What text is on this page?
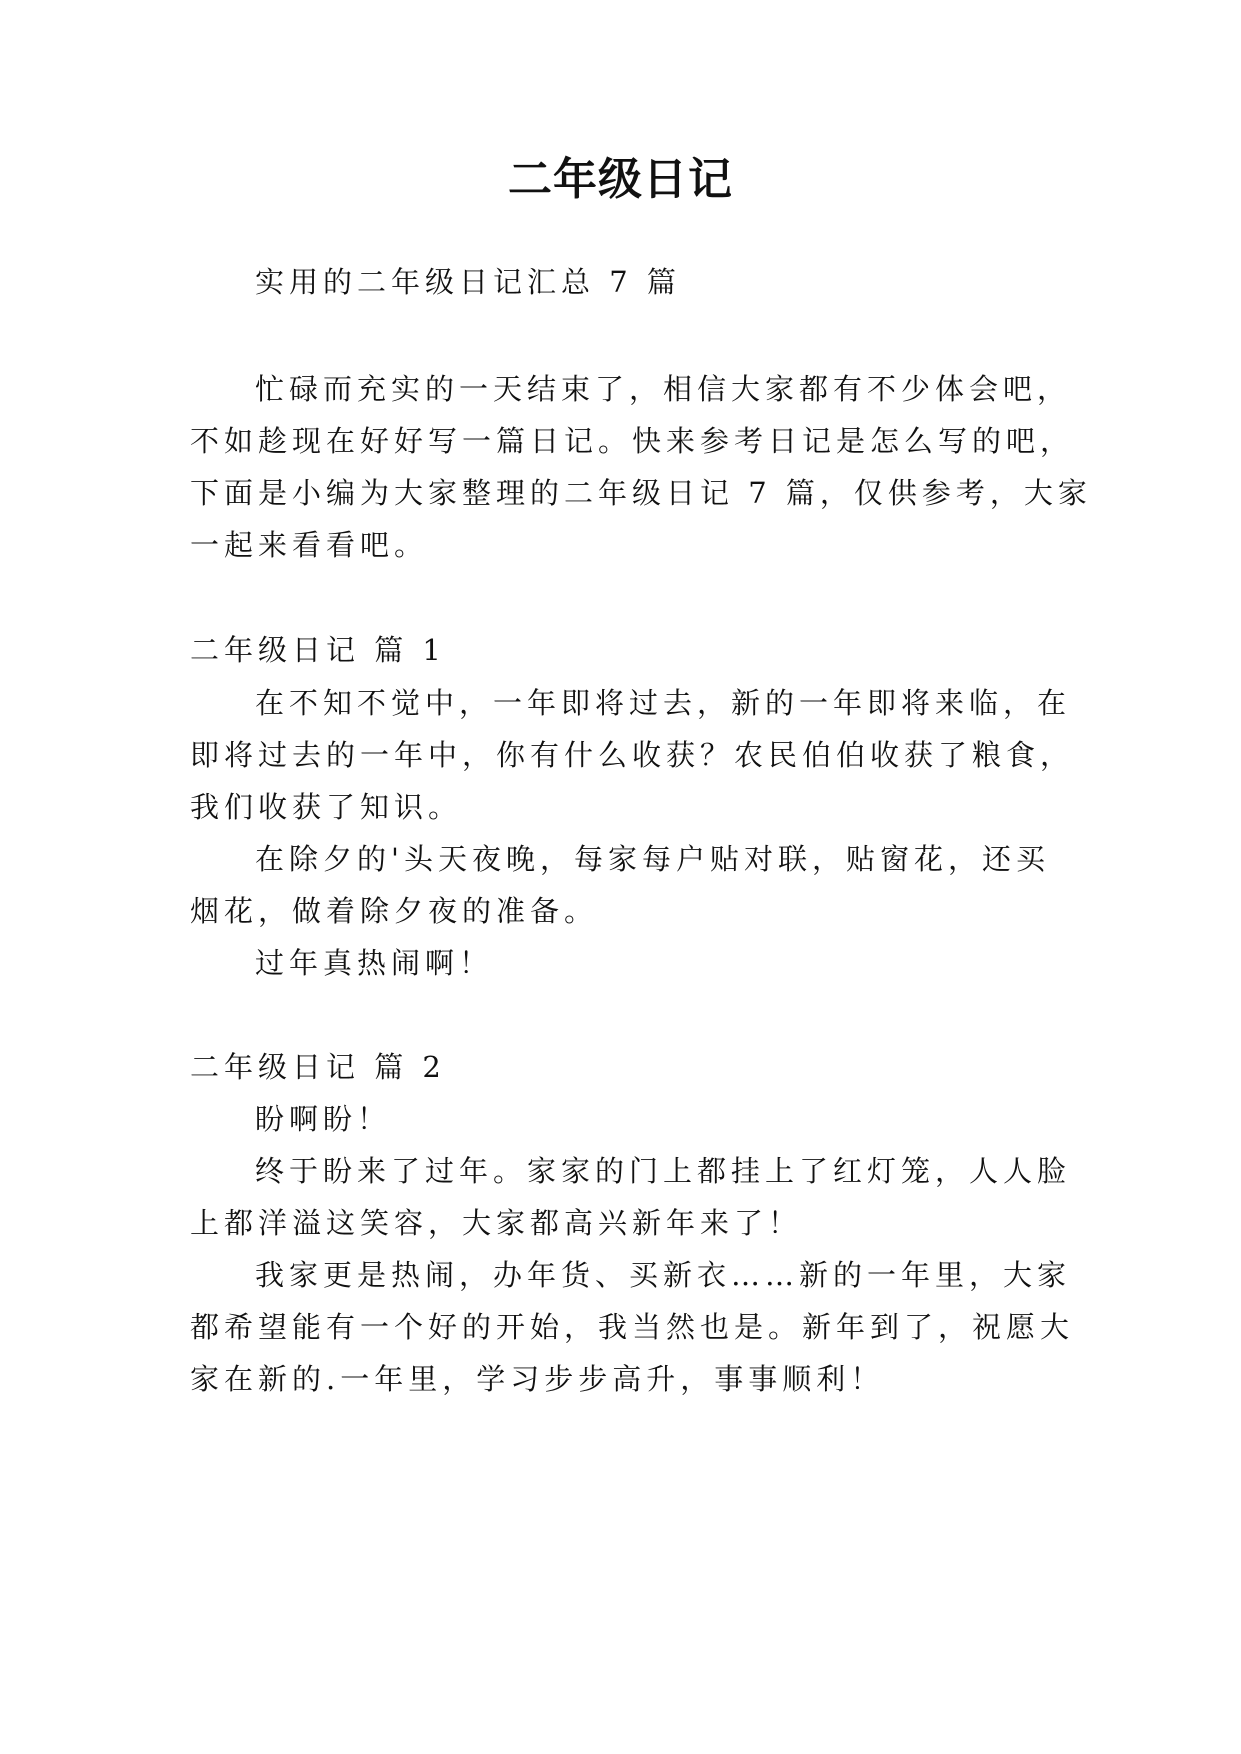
二年级日记
实用的二年级日记汇总 7 篇
忙碌而充实的一天结束了，相信大家都有不少体会吧，
不如趁现在好好写一篇日记。快来参考日记是怎么写的吧，
下面是小编为大家整理的二年级日记 7 篇，仅供参考，大家
一起来看看吧。
二年级日记 篇 1
在不知不觉中，一年即将过去，新的一年即将来临，在
即将过去的一年中，你有什么收获？农民伯伯收获了粮食，
我们收获了知识。
在除夕的'头天夜晚，每家每户贴对联，贴窗花，还买
烟花，做着除夕夜的准备。
过年真热闹啊！
二年级日记 篇 2
盼啊盼！
终于盼来了过年。家家的门上都挂上了红灯笼，人人脸
上都洋溢这笑容，大家都高兴新年来了！
我家更是热闹，办年货、买新衣……新的一年里，大家
都希望能有一个好的开始，我当然也是。新年到了，祝愿大
家在新的.一年里，学习步步高升，事事顺利！
